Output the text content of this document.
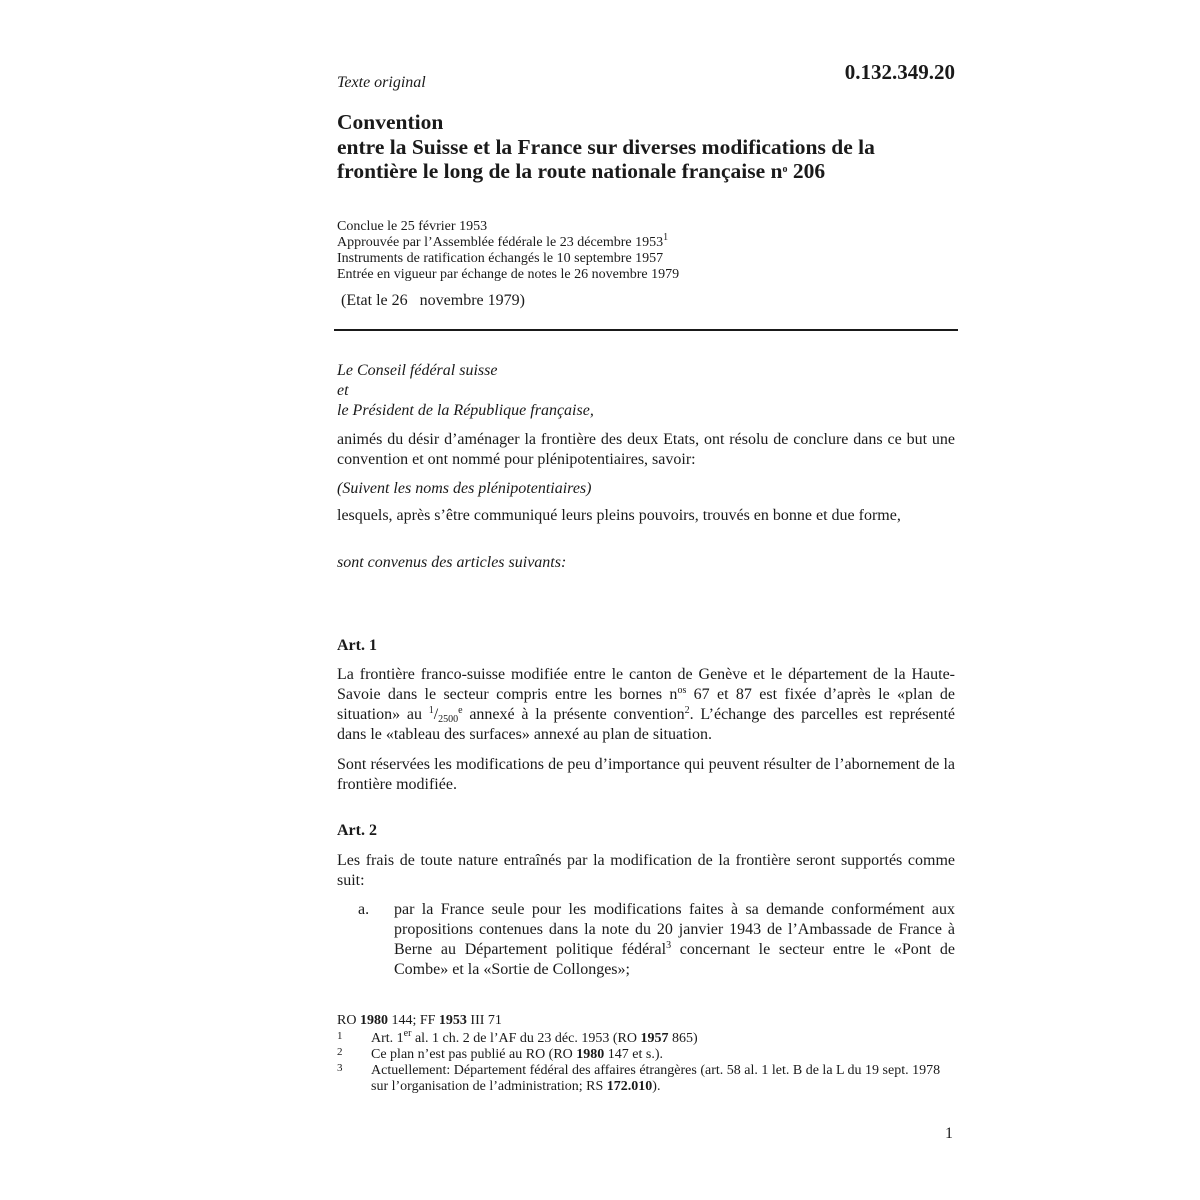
Texte original	0.132.349.20
Convention
entre la Suisse et la France sur diverses modifications de la
frontière le long de la route nationale française $n^o$ 206
Conclue le 25 février 1953
Approuvée par l’Assemblée fédérale le 23 décembre 1953$^1$
Instruments de ratification échangés le 10 septembre 1957
Entrée en vigueur par échange de notes le 26 novembre 1979
(Etat le 26   novembre 1979)
Le Conseil fédéral suisse
et
le Président de la République française,
animés du désir d’aménager la frontière des deux Etats, ont résolu de conclure dans ce but une convention et ont nommé pour plénipotentiaires, savoir:
(Suivent les noms des plénipotentiaires)
lesquels, après s’être communiqué leurs pleins pouvoirs, trouvés en bonne et due forme,
sont convenus des articles suivants:
Art. 1
La frontière franco-suisse modifiée entre le canton de Genève et le département de la Haute-Savoie dans le secteur compris entre les bornes $n^{os}$ 67 et 87 est fixée d’après le «plan de situation» au $^1/_{2500}^e$ annexé à la présente convention$^2$. L’échange des parcelles est représenté dans le «tableau des surfaces» annexé au plan de situation.
Sont réservées les modifications de peu d’importance qui peuvent résulter de l’abornement de la frontière modifiée.
Art. 2
Les frais de toute nature entraînés par la modification de la frontière seront supportés comme suit:
a. par la France seule pour les modifications faites à sa demande conformément aux propositions contenues dans la note du 20 janvier 1943 de l’Ambassade de France à Berne au Département politique fédéral$^3$ concernant le secteur entre le «Pont de Combe» et la «Sortie de Collonges»;
RO 1980 144; FF 1953 III 71
1 Art. 1er al. 1 ch. 2 de l’AF du 23 déc. 1953 (RO 1957 865)
2 Ce plan n’est pas publié au RO (RO 1980 147 et s.).
3 Actuellement: Département fédéral des affaires étrangères (art. 58 al. 1 let. B de la L du 19 sept. 1978 sur l’organisation de l’administration; RS 172.010).
1
